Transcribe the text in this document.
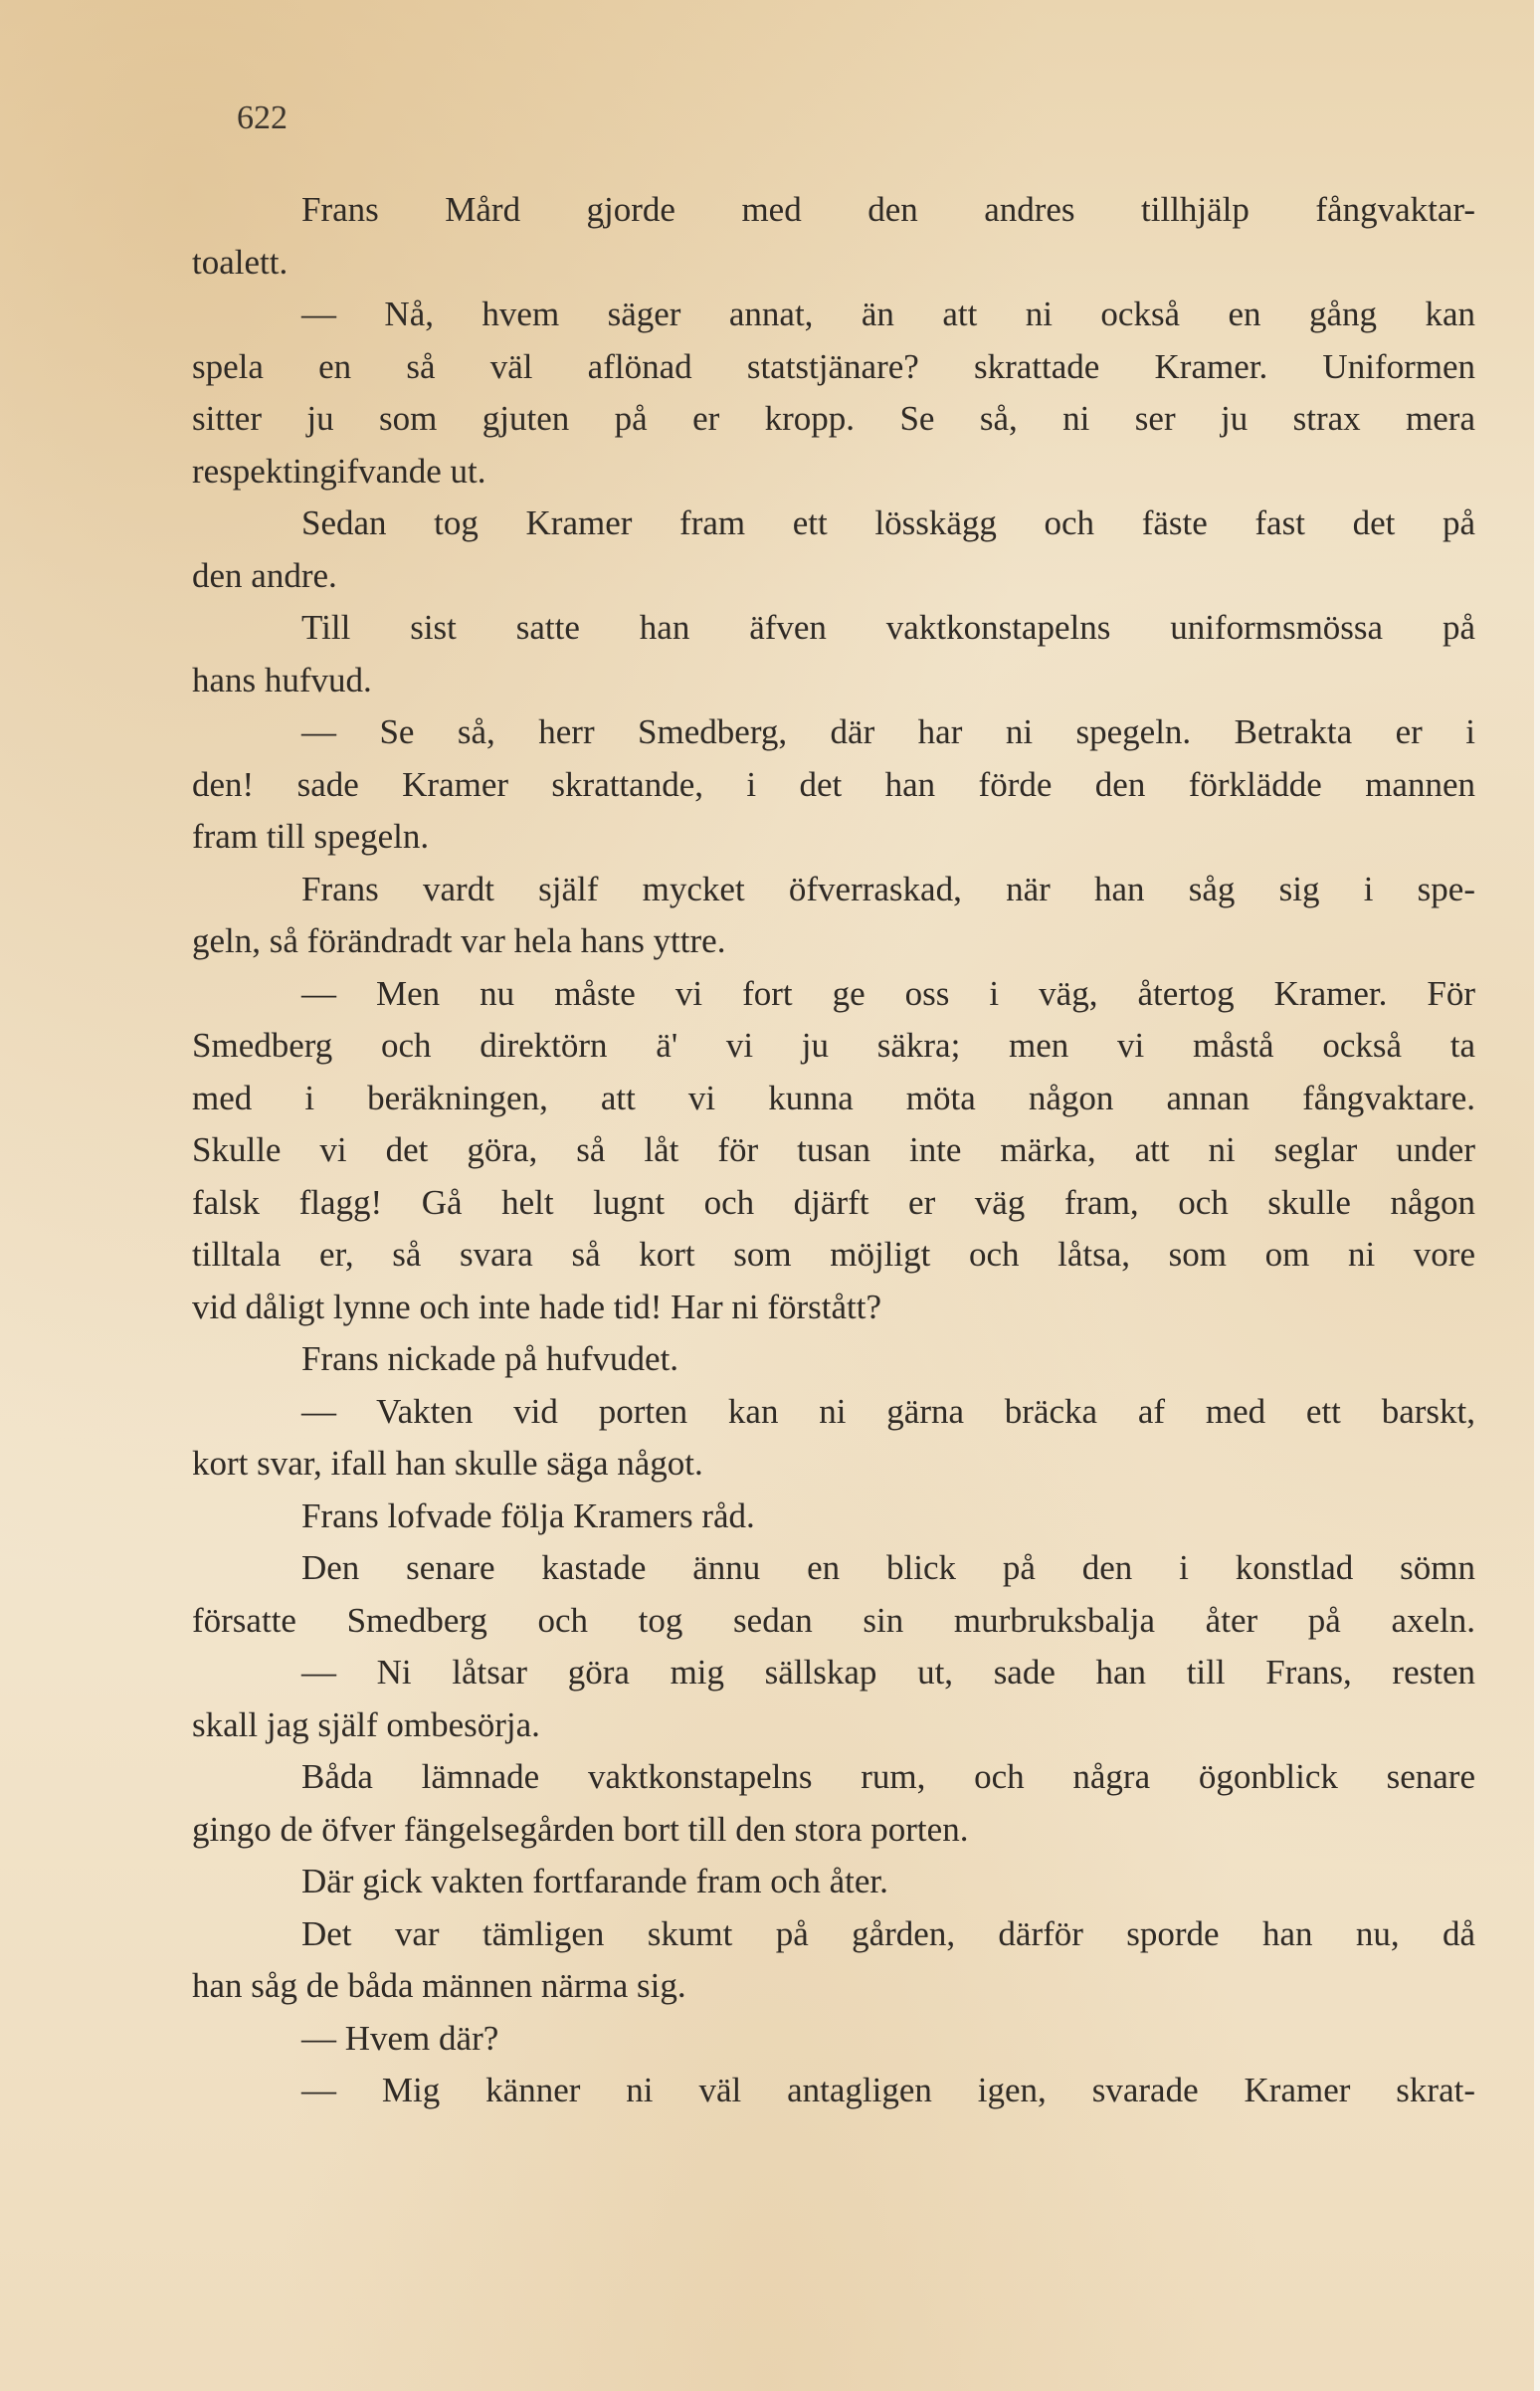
622
Frans Mård gjorde med den andres tillhjälp fångvaktar-
toalett.
— Nå, hvem säger annat, än att ni också en gång kan
spela en så väl aflönad statstjänare? skrattade Kramer. Uniformen
sitter ju som gjuten på er kropp. Se så, ni ser ju strax mera
respektingifvande ut.
Sedan tog Kramer fram ett lösskägg och fäste fast det på
den andre.
Till sist satte han äfven vaktkonstapelns uniformsmössa på
hans hufvud.
— Se så, herr Smedberg, där har ni spegeln. Betrakta er i
den! sade Kramer skrattande, i det han förde den förklädde mannen
fram till spegeln.
Frans vardt själf mycket öfverraskad, när han såg sig i spe-
geln, så förändradt var hela hans yttre.
— Men nu måste vi fort ge oss i väg, återtog Kramer. För
Smedberg och direktörn ä' vi ju säkra; men vi måstå också ta
med i beräkningen, att vi kunna möta någon annan fångvaktare.
Skulle vi det göra, så låt för tusan inte märka, att ni seglar under
falsk flagg! Gå helt lugnt och djärft er väg fram, och skulle någon
tilltala er, så svara så kort som möjligt och låtsa, som om ni vore
vid dåligt lynne och inte hade tid! Har ni förstått?
Frans nickade på hufvudet.
— Vakten vid porten kan ni gärna bräcka af med ett barskt,
kort svar, ifall han skulle säga något.
Frans lofvade följa Kramers råd.
Den senare kastade ännu en blick på den i konstlad sömn
försatte Smedberg och tog sedan sin murbruksbalja åter på axeln.
— Ni låtsar göra mig sällskap ut, sade han till Frans, resten
skall jag själf ombesörja.
Båda lämnade vaktkonstapelns rum, och några ögonblick senare
gingo de öfver fängelsegården bort till den stora porten.
Där gick vakten fortfarande fram och åter.
Det var tämligen skumt på gården, därför sporde han nu, då
han såg de båda männen närma sig.
— Hvem där?
— Mig känner ni väl antagligen igen, svarade Kramer skrat-
